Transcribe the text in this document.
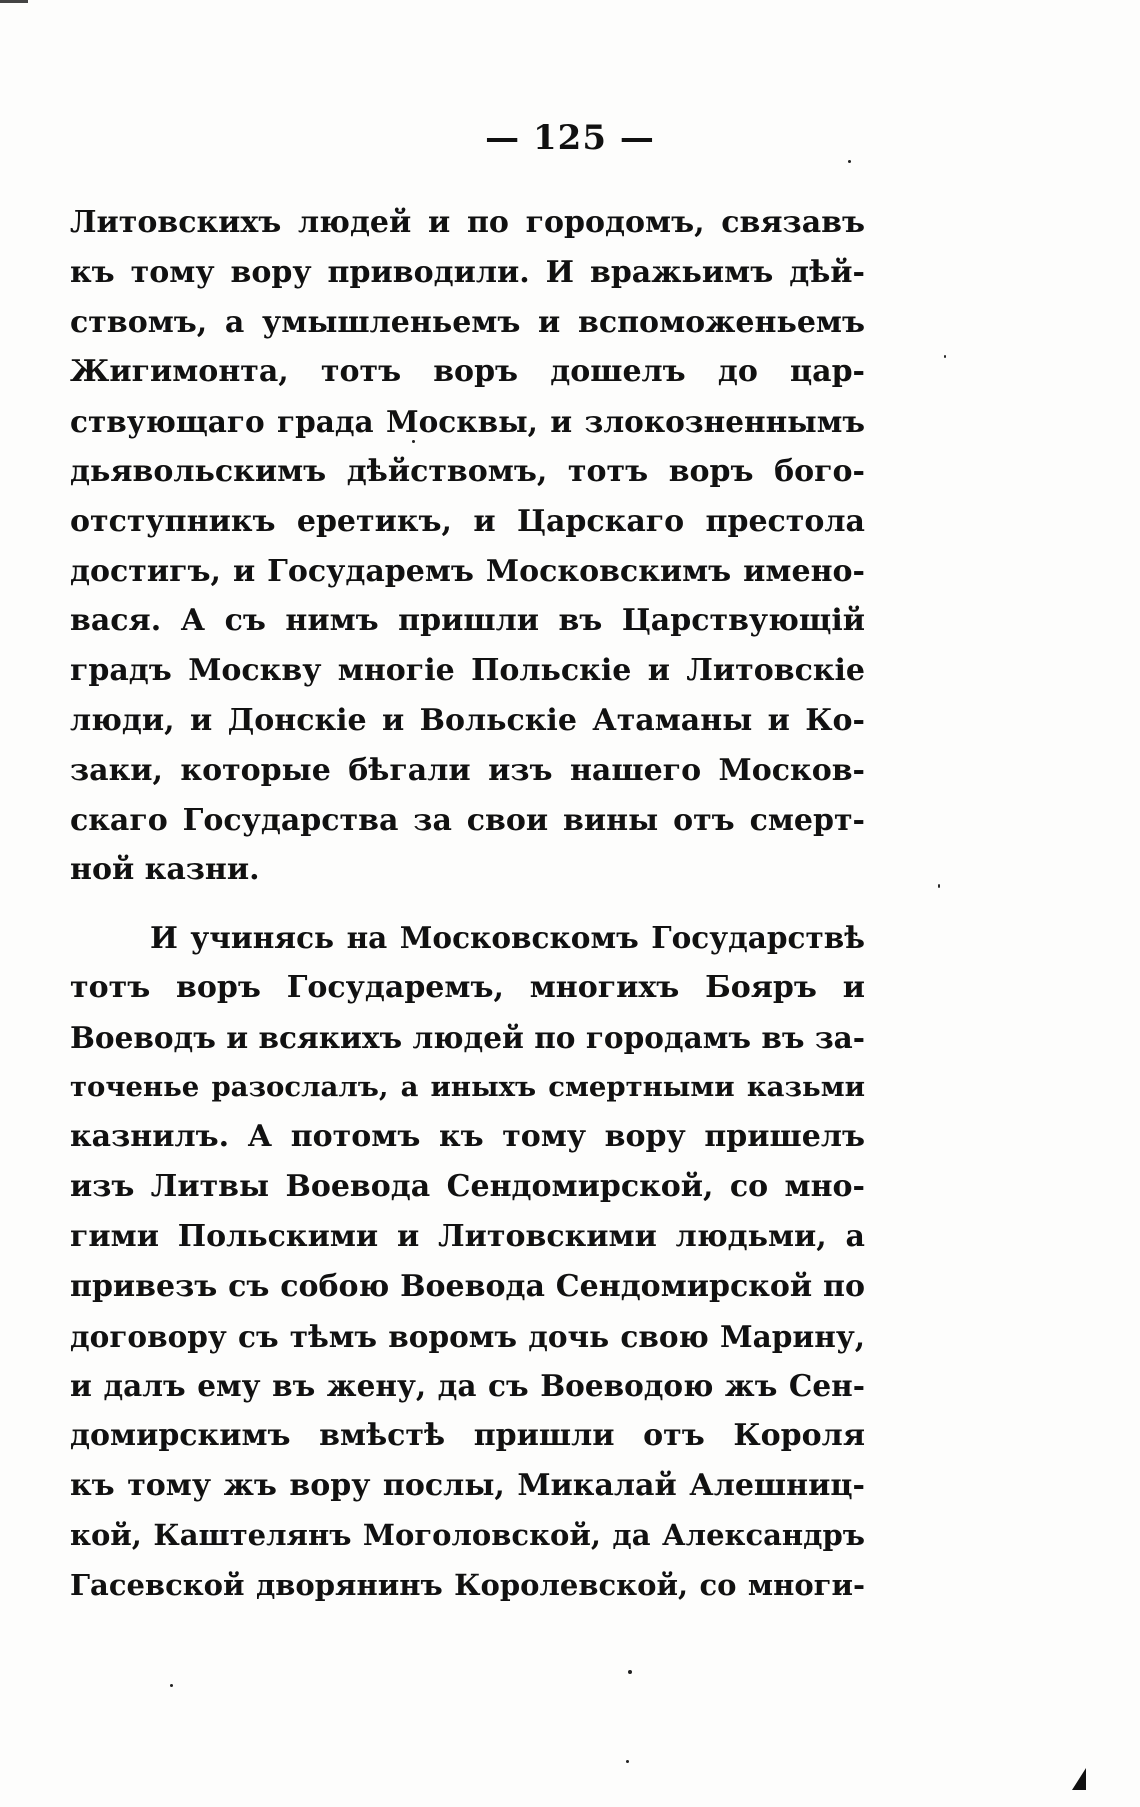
— 125 —
Литовскихъ людей и по городомъ, связавъ
къ тому вору приводили. И вражьимъ дѣй-
ствомъ, а умышленьемъ и вспоможеньемъ
Жигимонта, тотъ воръ дошелъ до цар-
ствующаго града Москвы, и злокозненнымъ
дьявольскимъ дѣйствомъ, тотъ воръ бого-
отступникъ еретикъ, и Царскаго престола
достигъ, и Государемъ Московскимъ имено-
вася. А съ нимъ пришли въ Царствующій
градъ Москву многіе Польскіе и Литовскіе
люди, и Донскіе и Вольскіе Атаманы и Ко-
заки, которые бѣгали изъ нашего Москов-
скаго Государства за свои вины отъ смерт-
ной казни.
И учинясь на Московскомъ Государствѣ
тотъ воръ Государемъ, многихъ Бояръ и
Воеводъ и всякихъ людей по городамъ въ за-
точенье разослалъ, а иныхъ смертными казьми
казнилъ. А потомъ къ тому вору пришелъ
изъ Литвы Воевода Сендомирской, со мно-
гими Польскими и Литовскими людьми, а
привезъ съ собою Воевода Сендомирской по
договору съ тѣмъ воромъ дочь свою Марину,
и далъ ему въ жену, да съ Воеводою жъ Сен-
домирскимъ вмѣстѣ пришли отъ Короля
къ тому жъ вору послы, Микалай Алешниц-
кой, Каштелянъ Моголовской, да Александръ
Гасевской дворянинъ Королевской, со многи-
